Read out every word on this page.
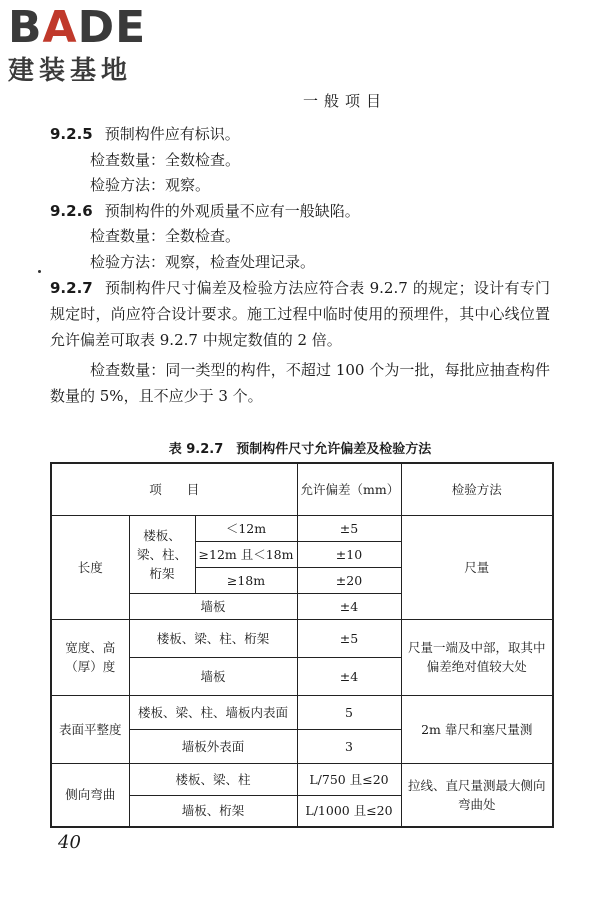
BADE
建装基地
一般项目
9.2.5 预制构件应有标识。
检查数量：全数检查。
检验方法：观察。
9.2.6 预制构件的外观质量不应有一般缺陷。
检查数量：全数检查。
检验方法：观察，检查处理记录。
9.2.7 预制构件尺寸偏差及检验方法应符合表 9.2.7 的规定；设计有专门规定时，尚应符合设计要求。施工过程中临时使用的预埋件，其中心线位置允许偏差可取表 9.2.7 中规定数值的 2 倍。
检查数量：同一类型的构件，不超过 100 个为一批，每批应抽查构件数量的 5%，且不应少于 3 个。
表 9.2.7　预制构件尺寸允许偏差及检验方法
项　　目			允许偏差（mm）	检验方法
长度	楼板、梁、柱、桁架	＜12m	±5	尺量
		≥12m 且＜18m	±10	
		≥18m	±20	
	墙板		±4	
宽度、高（厚）度	楼板、梁、柱、桁架		±5	尺量一端及中部，取其中偏差绝对值较大处
	墙板		±4	
表面平整度	楼板、梁、柱、墙板内表面		5	2m 靠尺和塞尺量测
	墙板外表面		3	
侧向弯曲	楼板、梁、柱		L/750 且≤20	拉线、直尺量测最大侧向弯曲处
	墙板、桁架		L/1000 且≤20	
40
